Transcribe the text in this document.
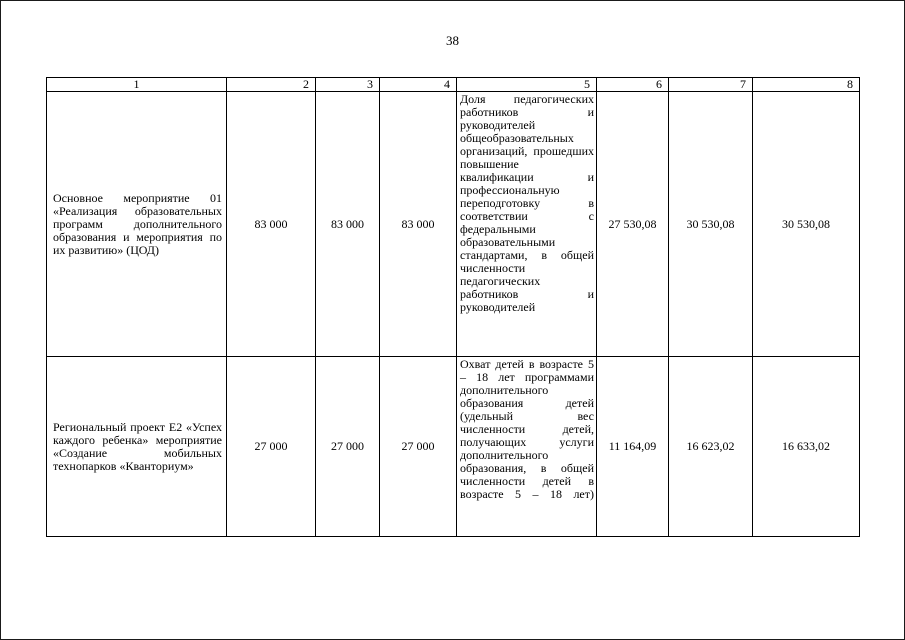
38
1	2	3	4	5	6	7	8
Основное мероприятие 01 «Реализация образовательных программ дополнительного образования и мероприятия по их развитию» (ЦОД)	83 000	83 000	83 000	Доля педагогических работников и руководителей общеобразовательных организаций, прошедших повышение квалификации и профессиональную переподготовку в соответствии с федеральными образовательными стандартами, в общей численности педагогических работников и руководителей	27 530,08	30 530,08	30 530,08
Региональный проект Е2 «Успех каждого ребенка» мероприятие «Создание мобильных технопарков «Кванториум»	27 000	27 000	27 000	Охват детей в возрасте 5 – 18 лет программами дополнительного образования детей (удельный вес численности детей, получающих услуги дополнительного образования, в общей численности детей в возрасте 5 – 18 лет)	11 164,09	16 623,02	16 633,02
